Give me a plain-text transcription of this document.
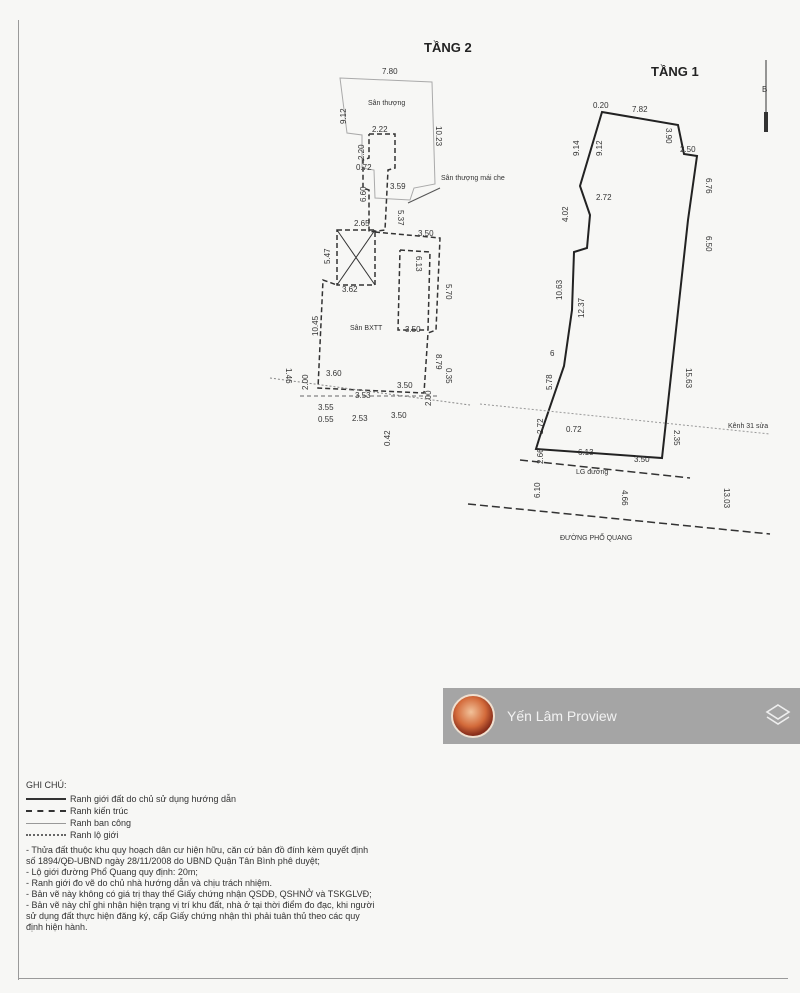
TẦNG 2
TẦNG 1
B
Sân thượng
Sân thượng mái che
Sân BXTT
7.80
9.12
10.23
2.22
2.20
0.72
6.60	3.59
2.65	5.37
3.50
5.47	6.13
3.62
3.50
5.70
10.45
3.60
3.50
8.79
0.35
1.46 2.00
3.53
3.55
2.00
0.55 2.53	3.50
0.42
0.20	7.82
9.14 9.12
3.90
2.50
6.76
4.02
2.72
6.50
10.63
12.37
6
15.63
5.78
2.72	0.72
2.35
6.13
3.50
2.66
6.10	4.66	13.03
Kênh 31 sửa
LG đường
ĐƯỜNG PHỔ QUANG
Yến Lâm Proview
GHI CHÚ:
Ranh giới đất do chủ sử dụng hướng dẫn
Ranh kiến trúc
Ranh ban công
Ranh lộ giới
- Thửa đất thuộc khu quy hoạch dân cư hiện hữu, căn cứ bản đồ đính kèm quyết định
số 1894/QĐ-UBND ngày 28/11/2008 do UBND Quận Tân Bình phê duyệt;
- Lộ giới đường Phổ Quang quy định: 20m;
- Ranh giới đo vẽ do chủ nhà hướng dẫn và chịu trách nhiệm.
- Bản vẽ này không có giá trị thay thế Giấy chứng nhận QSDĐ, QSHNỞ và TSKGLVĐ;
- Bản vẽ này chỉ ghi nhận hiện trạng vị trí khu đất, nhà ở tại thời điểm đo đạc, khi người
sử dụng đất thực hiện đăng ký, cấp Giấy chứng nhận thì phải tuân thủ theo các quy
định hiện hành.
